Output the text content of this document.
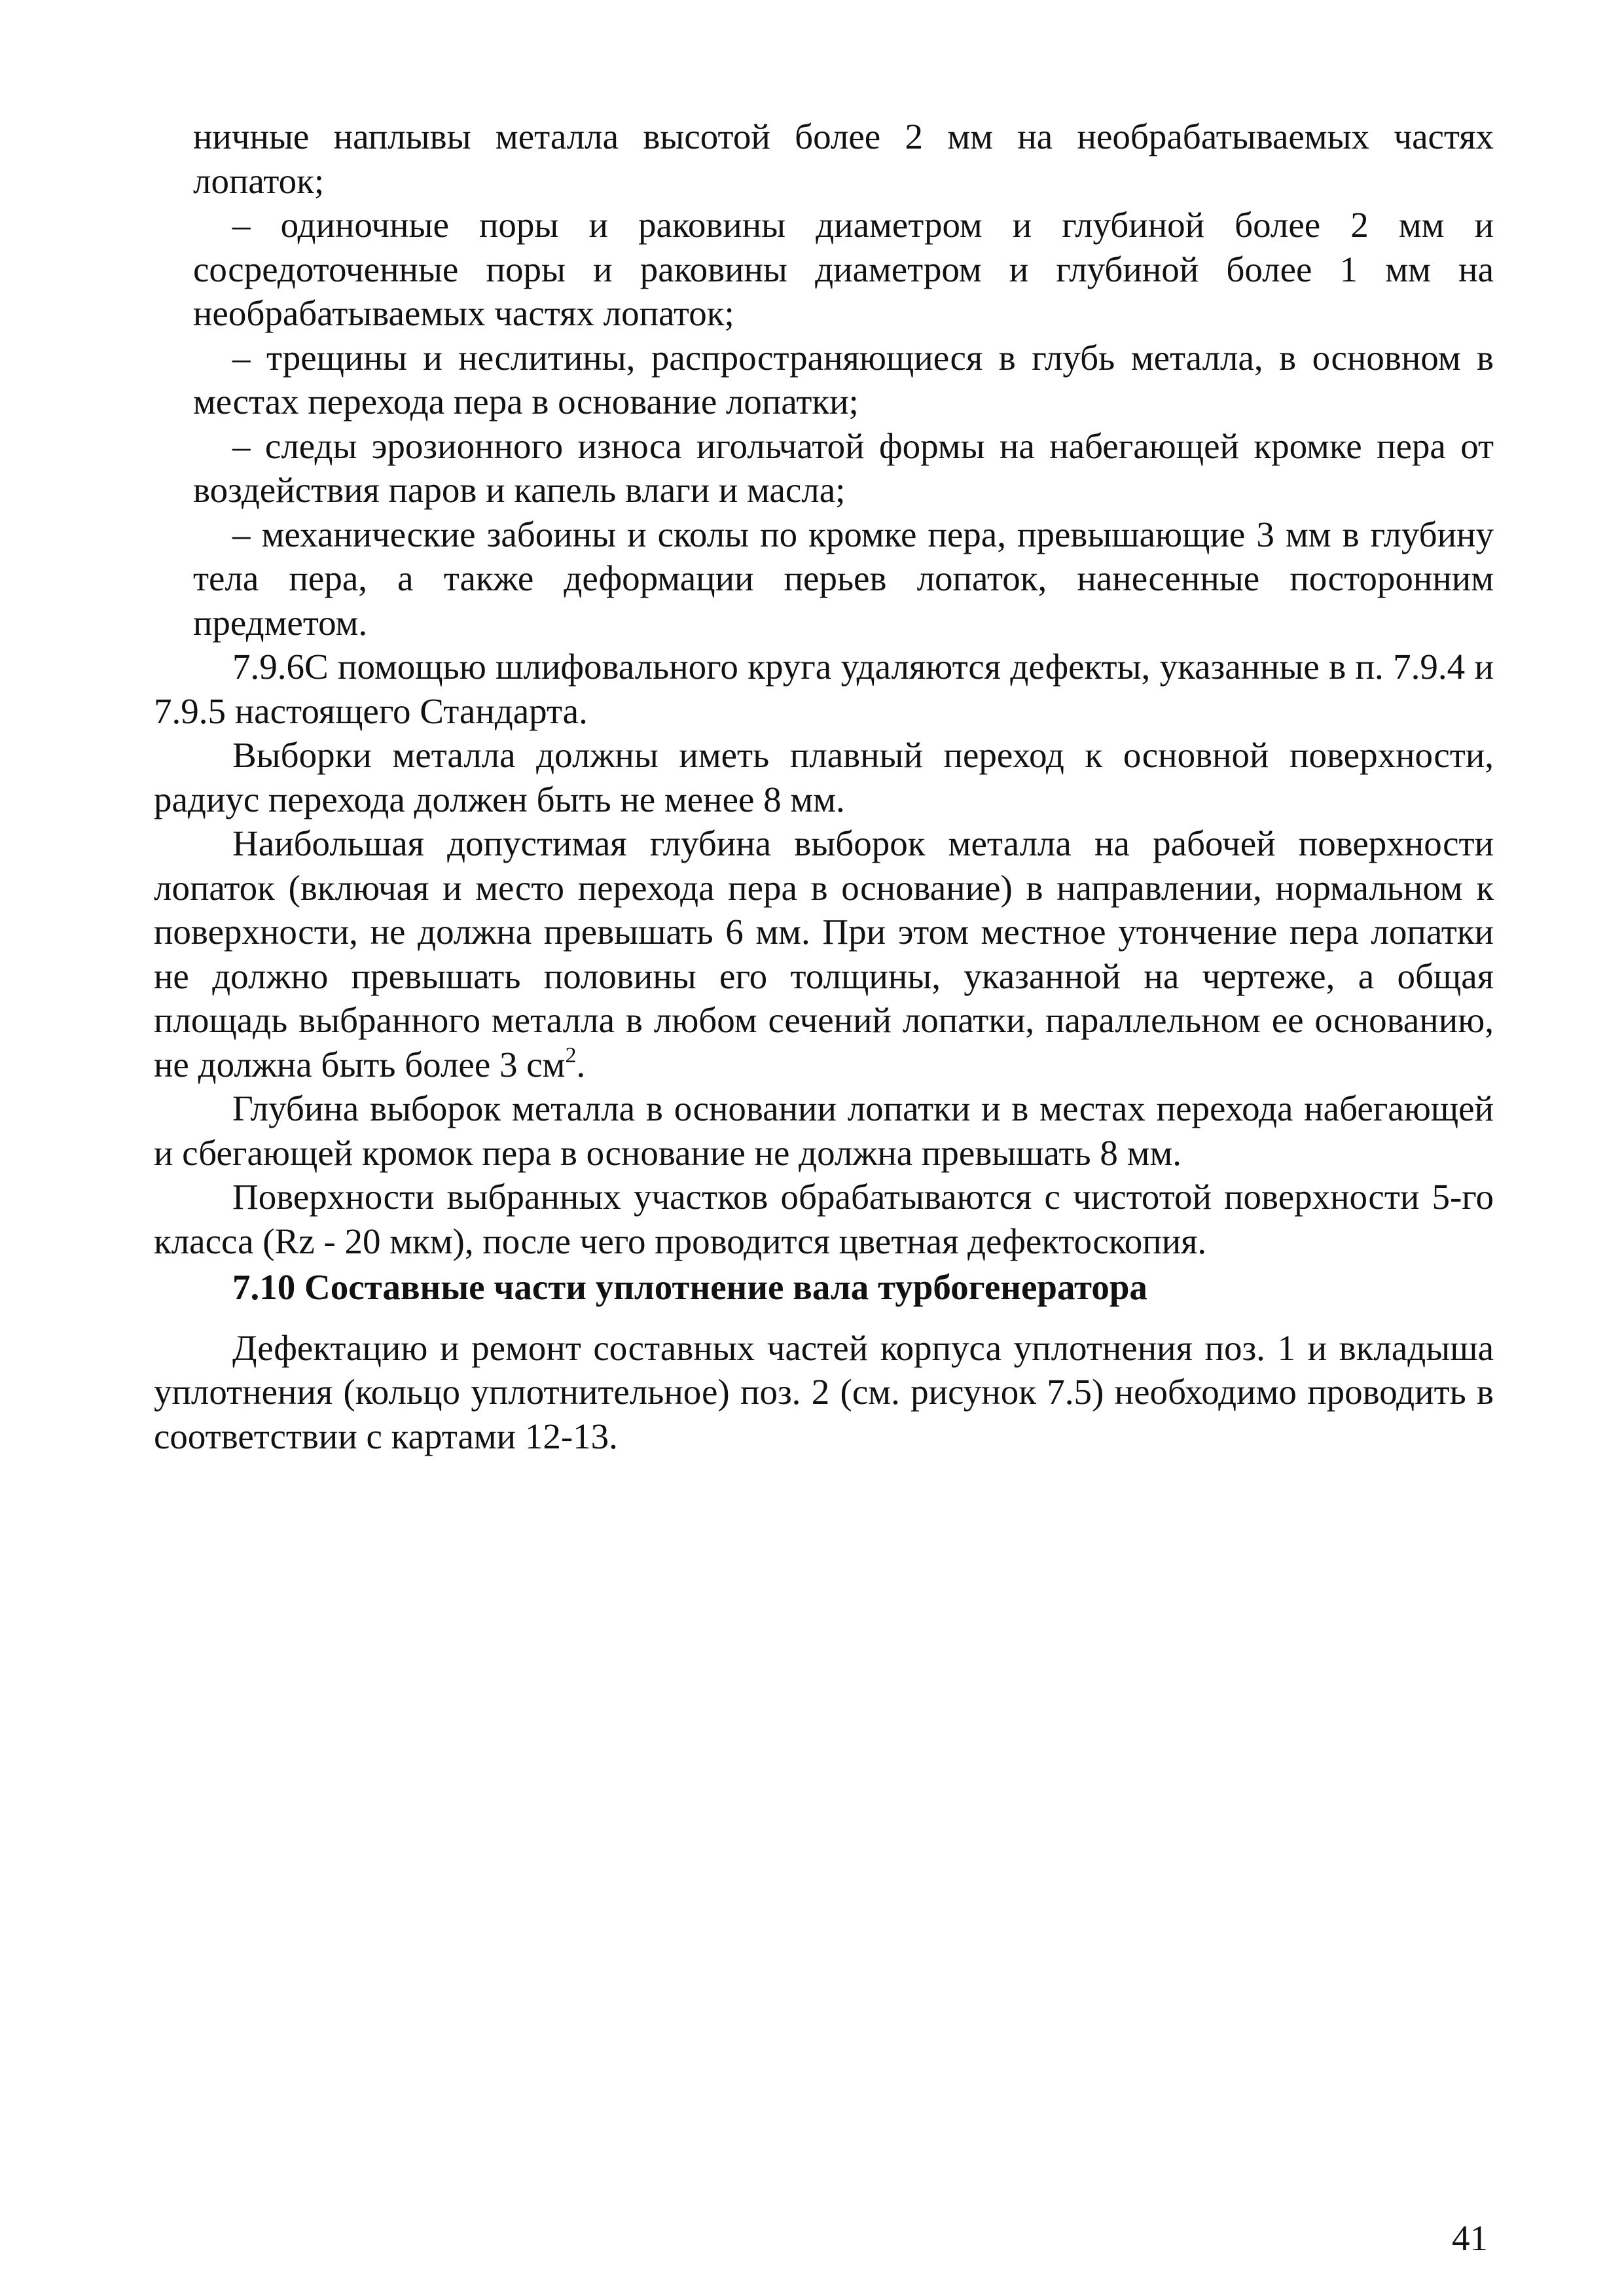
ничные наплывы металла высотой более 2 мм на необрабатываемых частях лопаток;

– одиночные поры и раковины диаметром и глубиной более 2 мм и сосредоточенные поры и раковины диаметром и глубиной более 1 мм на необрабатываемых частях лопаток;

– трещины и неслитины, распространяющиеся в глубь металла, в основном в местах перехода пера в основание лопатки;

– следы эрозионного износа игольчатой формы на набегающей кромке пера от воздействия паров и капель влаги и масла;

– механические забоины и сколы по кромке пера, превышающие 3 мм в глубину тела пера, а также деформации перьев лопаток, нанесенные посторонним предметом.

7.9.6С помощью шлифовального круга удаляются дефекты, указанные в п. 7.9.4 и 7.9.5 настоящего Стандарта.

Выборки металла должны иметь плавный переход к основной поверхности, радиус перехода должен быть не менее 8 мм.

Наибольшая допустимая глубина выборок металла на рабочей поверхности лопаток (включая и место перехода пера в основание) в направлении, нормальном к поверхности, не должна превышать 6 мм. При этом местное утончение пера лопатки не должно превышать половины его толщины, указанной на чертеже, а общая площадь выбранного металла в любом сечений лопатки, параллельном ее основанию, не должна быть более 3 $см^2$.

Глубина выборок металла в основании лопатки и в местах перехода набегающей и сбегающей кромок пера в основание не должна превышать 8 мм.

Поверхности выбранных участков обрабатываются с чистотой поверхности 5-го класса (Rz - 20 мкм), после чего проводится цветная дефектоскопия.

7.10 Составные части уплотнение вала турбогенератора

Дефектацию и ремонт составных частей корпуса уплотнения поз. 1 и вкладыша уплотнения (кольцо уплотнительное) поз. 2 (см. рисунок 7.5) необходимо проводить в соответствии с картами 12-13.

41
